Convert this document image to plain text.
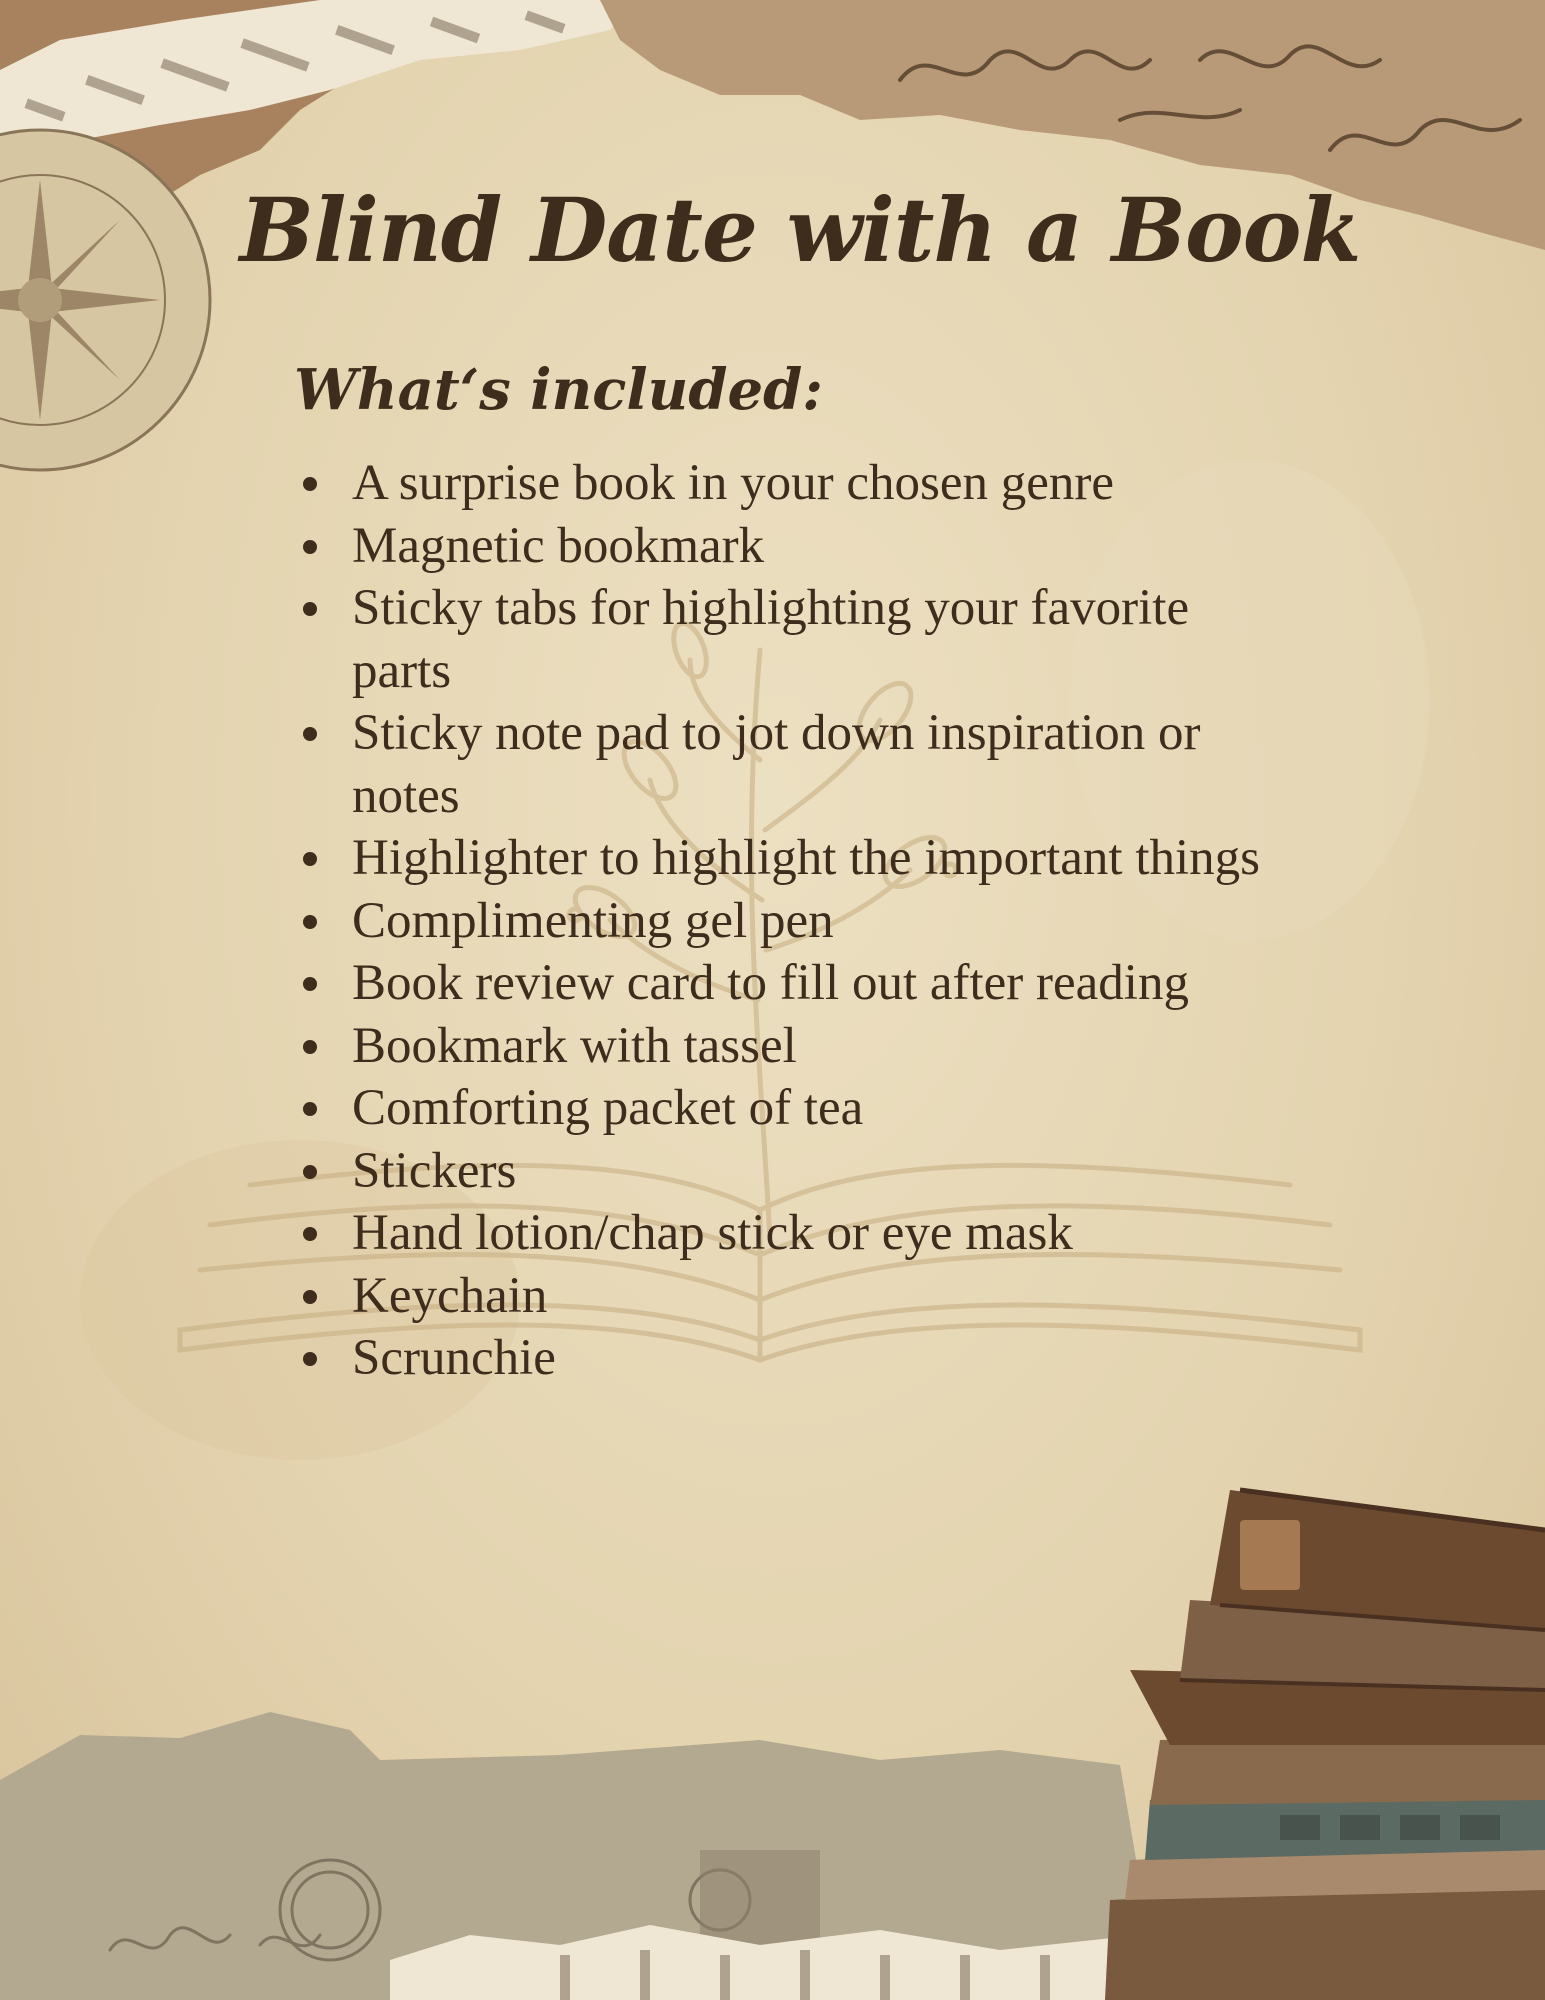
Blind Date with a Book
What‘s included:
A surprise book in your chosen genre
Magnetic bookmark
Sticky tabs for highlighting your favorite parts
Sticky note pad to jot down inspiration or notes
Highlighter to highlight the important things
Complimenting gel pen
Book review card to fill out after reading
Bookmark with tassel
Comforting packet of tea
Stickers
Hand lotion/chap stick or eye mask
Keychain
Scrunchie
